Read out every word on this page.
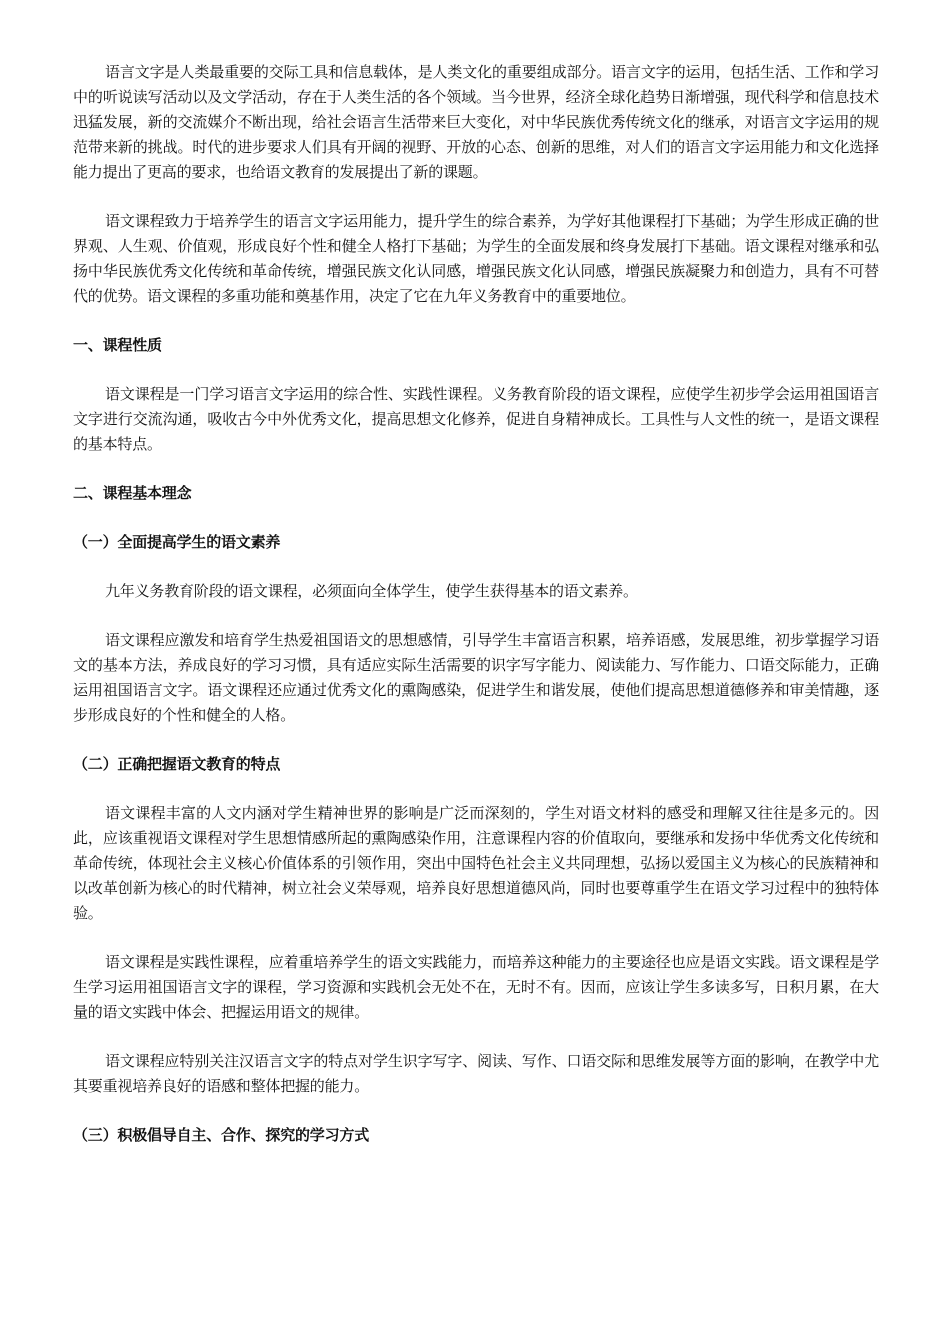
语言文字是人类最重要的交际工具和信息载体，是人类文化的重要组成部分。语言文字的运用，包括生活、工作和学习中的听说读写活动以及文学活动，存在于人类生活的各个领域。当今世界，经济全球化趋势日渐增强，现代科学和信息技术迅猛发展，新的交流媒介不断出现，给社会语言生活带来巨大变化，对中华民族优秀传统文化的继承，对语言文字运用的规范带来新的挑战。时代的进步要求人们具有开阔的视野、开放的心态、创新的思维，对人们的语言文字运用能力和文化选择能力提出了更高的要求，也给语文教育的发展提出了新的课题。

语文课程致力于培养学生的语言文字运用能力，提升学生的综合素养，为学好其他课程打下基础；为学生形成正确的世界观、人生观、价值观，形成良好个性和健全人格打下基础；为学生的全面发展和终身发展打下基础。语文课程对继承和弘扬中华民族优秀文化传统和革命传统，增强民族文化认同感，增强民族文化认同感，增强民族凝聚力和创造力，具有不可替代的优势。语文课程的多重功能和奠基作用，决定了它在九年义务教育中的重要地位。

一、课程性质

语文课程是一门学习语言文字运用的综合性、实践性课程。义务教育阶段的语文课程，应使学生初步学会运用祖国语言文字进行交流沟通，吸收古今中外优秀文化，提高思想文化修养，促进自身精神成长。工具性与人文性的统一，是语文课程的基本特点。

二、课程基本理念
（一）全面提高学生的语文素养

九年义务教育阶段的语文课程，必须面向全体学生，使学生获得基本的语文素养。

语文课程应激发和培育学生热爱祖国语文的思想感情，引导学生丰富语言积累，培养语感，发展思维，初步掌握学习语文的基本方法，养成良好的学习习惯，具有适应实际生活需要的识字写字能力、阅读能力、写作能力、口语交际能力，正确运用祖国语言文字。语文课程还应通过优秀文化的熏陶感染，促进学生和谐发展，使他们提高思想道德修养和审美情趣，逐步形成良好的个性和健全的人格。

（二）正确把握语文教育的特点

语文课程丰富的人文内涵对学生精神世界的影响是广泛而深刻的，学生对语文材料的感受和理解又往往是多元的。因此，应该重视语文课程对学生思想情感所起的熏陶感染作用，注意课程内容的价值取向，要继承和发扬中华优秀文化传统和革命传统，体现社会主义核心价值体系的引领作用，突出中国特色社会主义共同理想，弘扬以爱国主义为核心的民族精神和以改革创新为核心的时代精神，树立社会义荣辱观，培养良好思想道德风尚，同时也要尊重学生在语文学习过程中的独特体验。

语文课程是实践性课程，应着重培养学生的语文实践能力，而培养这种能力的主要途径也应是语文实践。语文课程是学生学习运用祖国语言文字的课程，学习资源和实践机会无处不在，无时不有。因而，应该让学生多读多写，日积月累，在大量的语文实践中体会、把握运用语文的规律。

语文课程应特别关注汉语言文字的特点对学生识字写字、阅读、写作、口语交际和思维发展等方面的影响，在教学中尤其要重视培养良好的语感和整体把握的能力。

（三）积极倡导自主、合作、探究的学习方式
